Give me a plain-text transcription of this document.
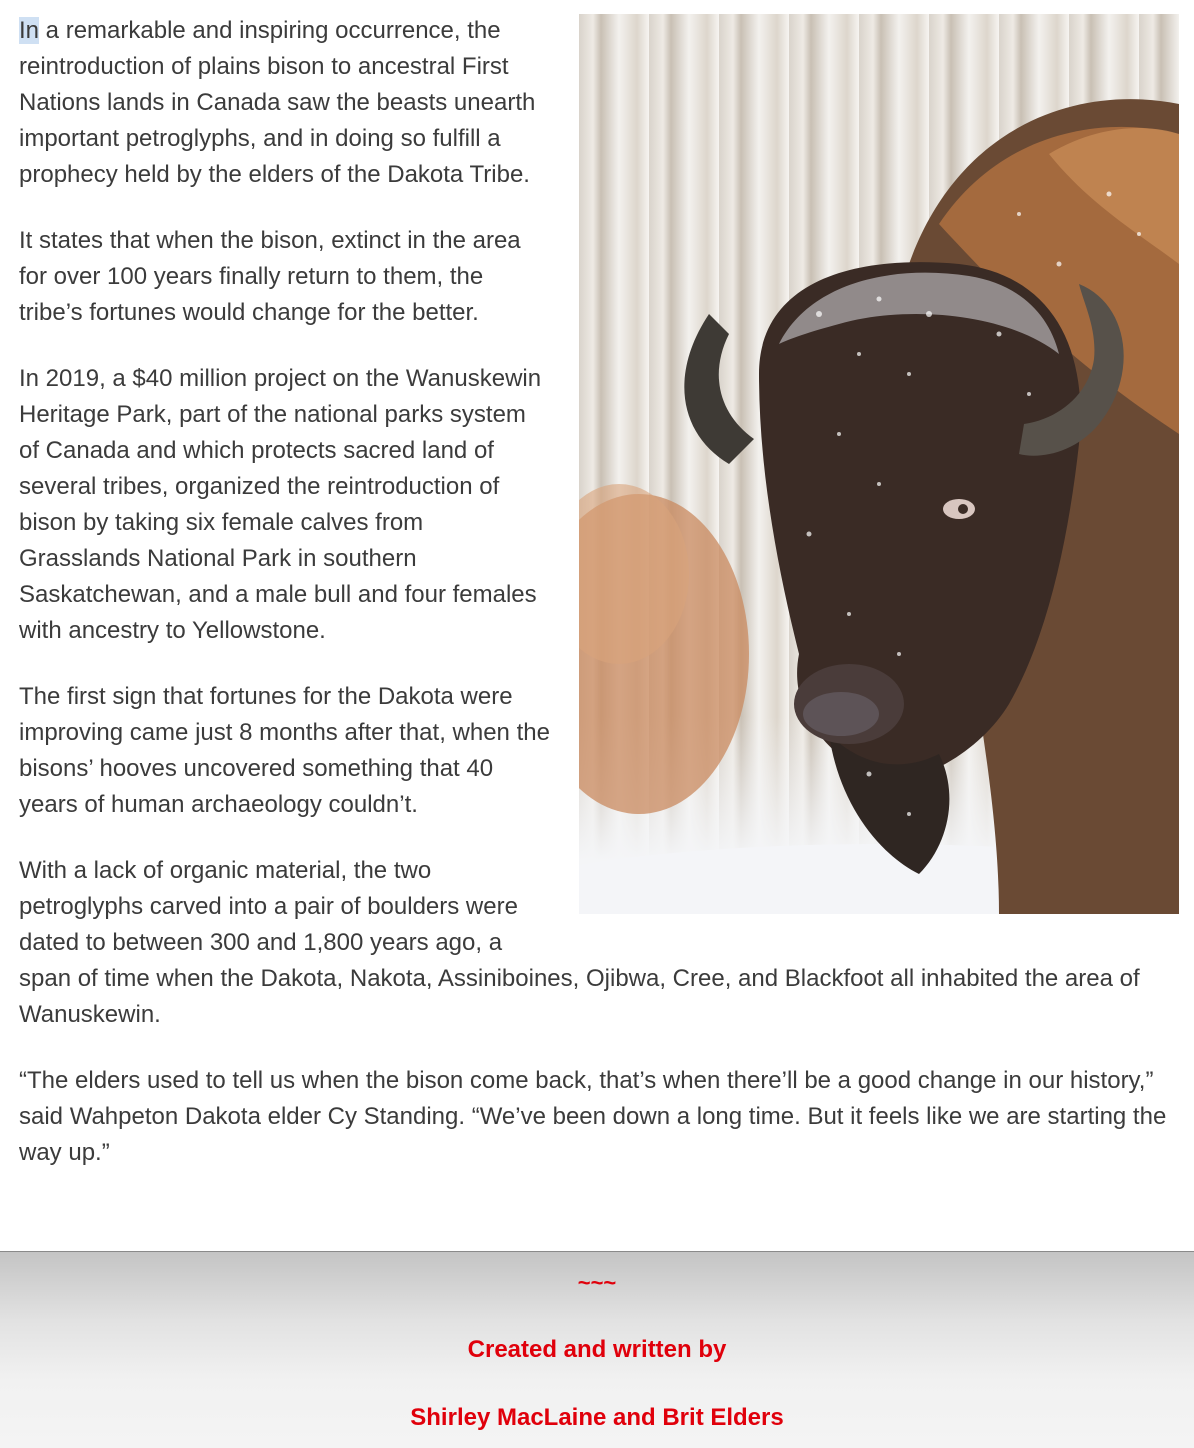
In a remarkable and inspiring occurrence, the reintroduction of plains bison to ancestral First Nations lands in Canada saw the beasts unearth important petroglyphs, and in doing so fulfill a prophecy held by the elders of the Dakota Tribe.

It states that when the bison, extinct in the area for over 100 years finally return to them, the tribe’s fortunes would change for the better.

In 2019, a $40 million project on the Wanuskewin Heritage Park, part of the national parks system of Canada and which protects sacred land of several tribes, organized the reintroduction of bison by taking six female calves from Grasslands National Park in southern Saskatchewan, and a male bull and four females with ancestry to Yellowstone.

The first sign that fortunes for the Dakota were improving came just 8 months after that, when the bisons’ hooves uncovered something that 40 years of human archaeology couldn’t.

With a lack of organic material, the two petroglyphs carved into a pair of boulders were dated to between 300 and 1,800 years ago, a span of time when the Dakota, Nakota, Assiniboines, Ojibwa, Cree, and Blackfoot all inhabited the area of Wanuskewin.

“The elders used to tell us when the bison come back, that’s when there’ll be a good change in our history,” said Wahpeton Dakota elder Cy Standing. “We’ve been down a long time. But it feels like we are starting the way up.”

~~~
Created and written by
Shirley MacLaine and Brit Elders
